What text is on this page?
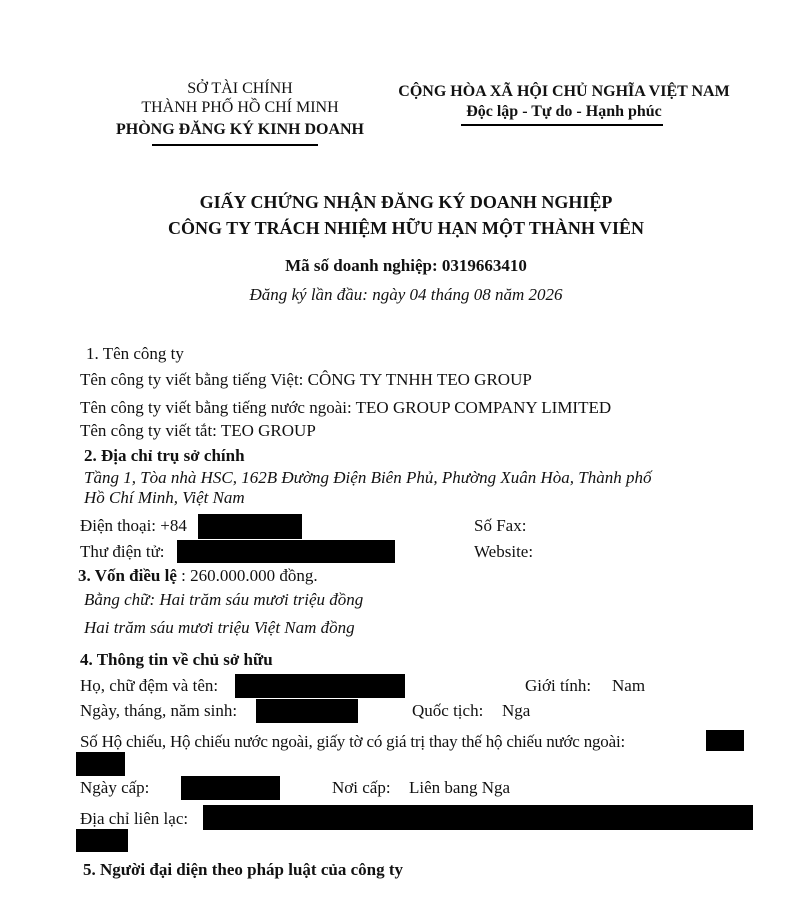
SỞ TÀI CHÍNH
THÀNH PHỐ HỒ CHÍ MINH
PHÒNG ĐĂNG KÝ KINH DOANH
CỘNG HÒA XÃ HỘI CHỦ NGHĨA VIỆT NAM
Độc lập - Tự do - Hạnh phúc
GIẤY CHỨNG NHẬN ĐĂNG KÝ DOANH NGHIỆP
CÔNG TY TRÁCH NHIỆM HỮU HẠN MỘT THÀNH VIÊN
Mã số doanh nghiệp: 0319663410
Đăng ký lần đầu: ngày 04 tháng 08 năm 2026
1. Tên công ty
Tên công ty viết bằng tiếng Việt: CÔNG TY TNHH TEO GROUP
Tên công ty viết bằng tiếng nước ngoài: TEO GROUP COMPANY LIMITED
Tên công ty viết tắt: TEO GROUP
2. Địa chỉ trụ sở chính
Tầng 1, Tòa nhà HSC, 162B Đường Điện Biên Phủ, Phường Xuân Hòa, Thành phố
Hồ Chí Minh, Việt Nam
Điện thoại: +84	Số Fax:
Thư điện tử:	Website:
3. Vốn điều lệ : 260.000.000 đồng.
Bằng chữ: Hai trăm sáu mươi triệu đồng
Hai trăm sáu mươi triệu Việt Nam đồng
4. Thông tin về chủ sở hữu
Họ, chữ đệm và tên:	Giới tính: Nam
Ngày, tháng, năm sinh:	Quốc tịch: Nga
Số Hộ chiếu, Hộ chiếu nước ngoài, giấy tờ có giá trị thay thế hộ chiếu nước ngoài:
Ngày cấp:	Nơi cấp: Liên bang Nga
Địa chỉ liên lạc:
5. Người đại diện theo pháp luật của công ty
